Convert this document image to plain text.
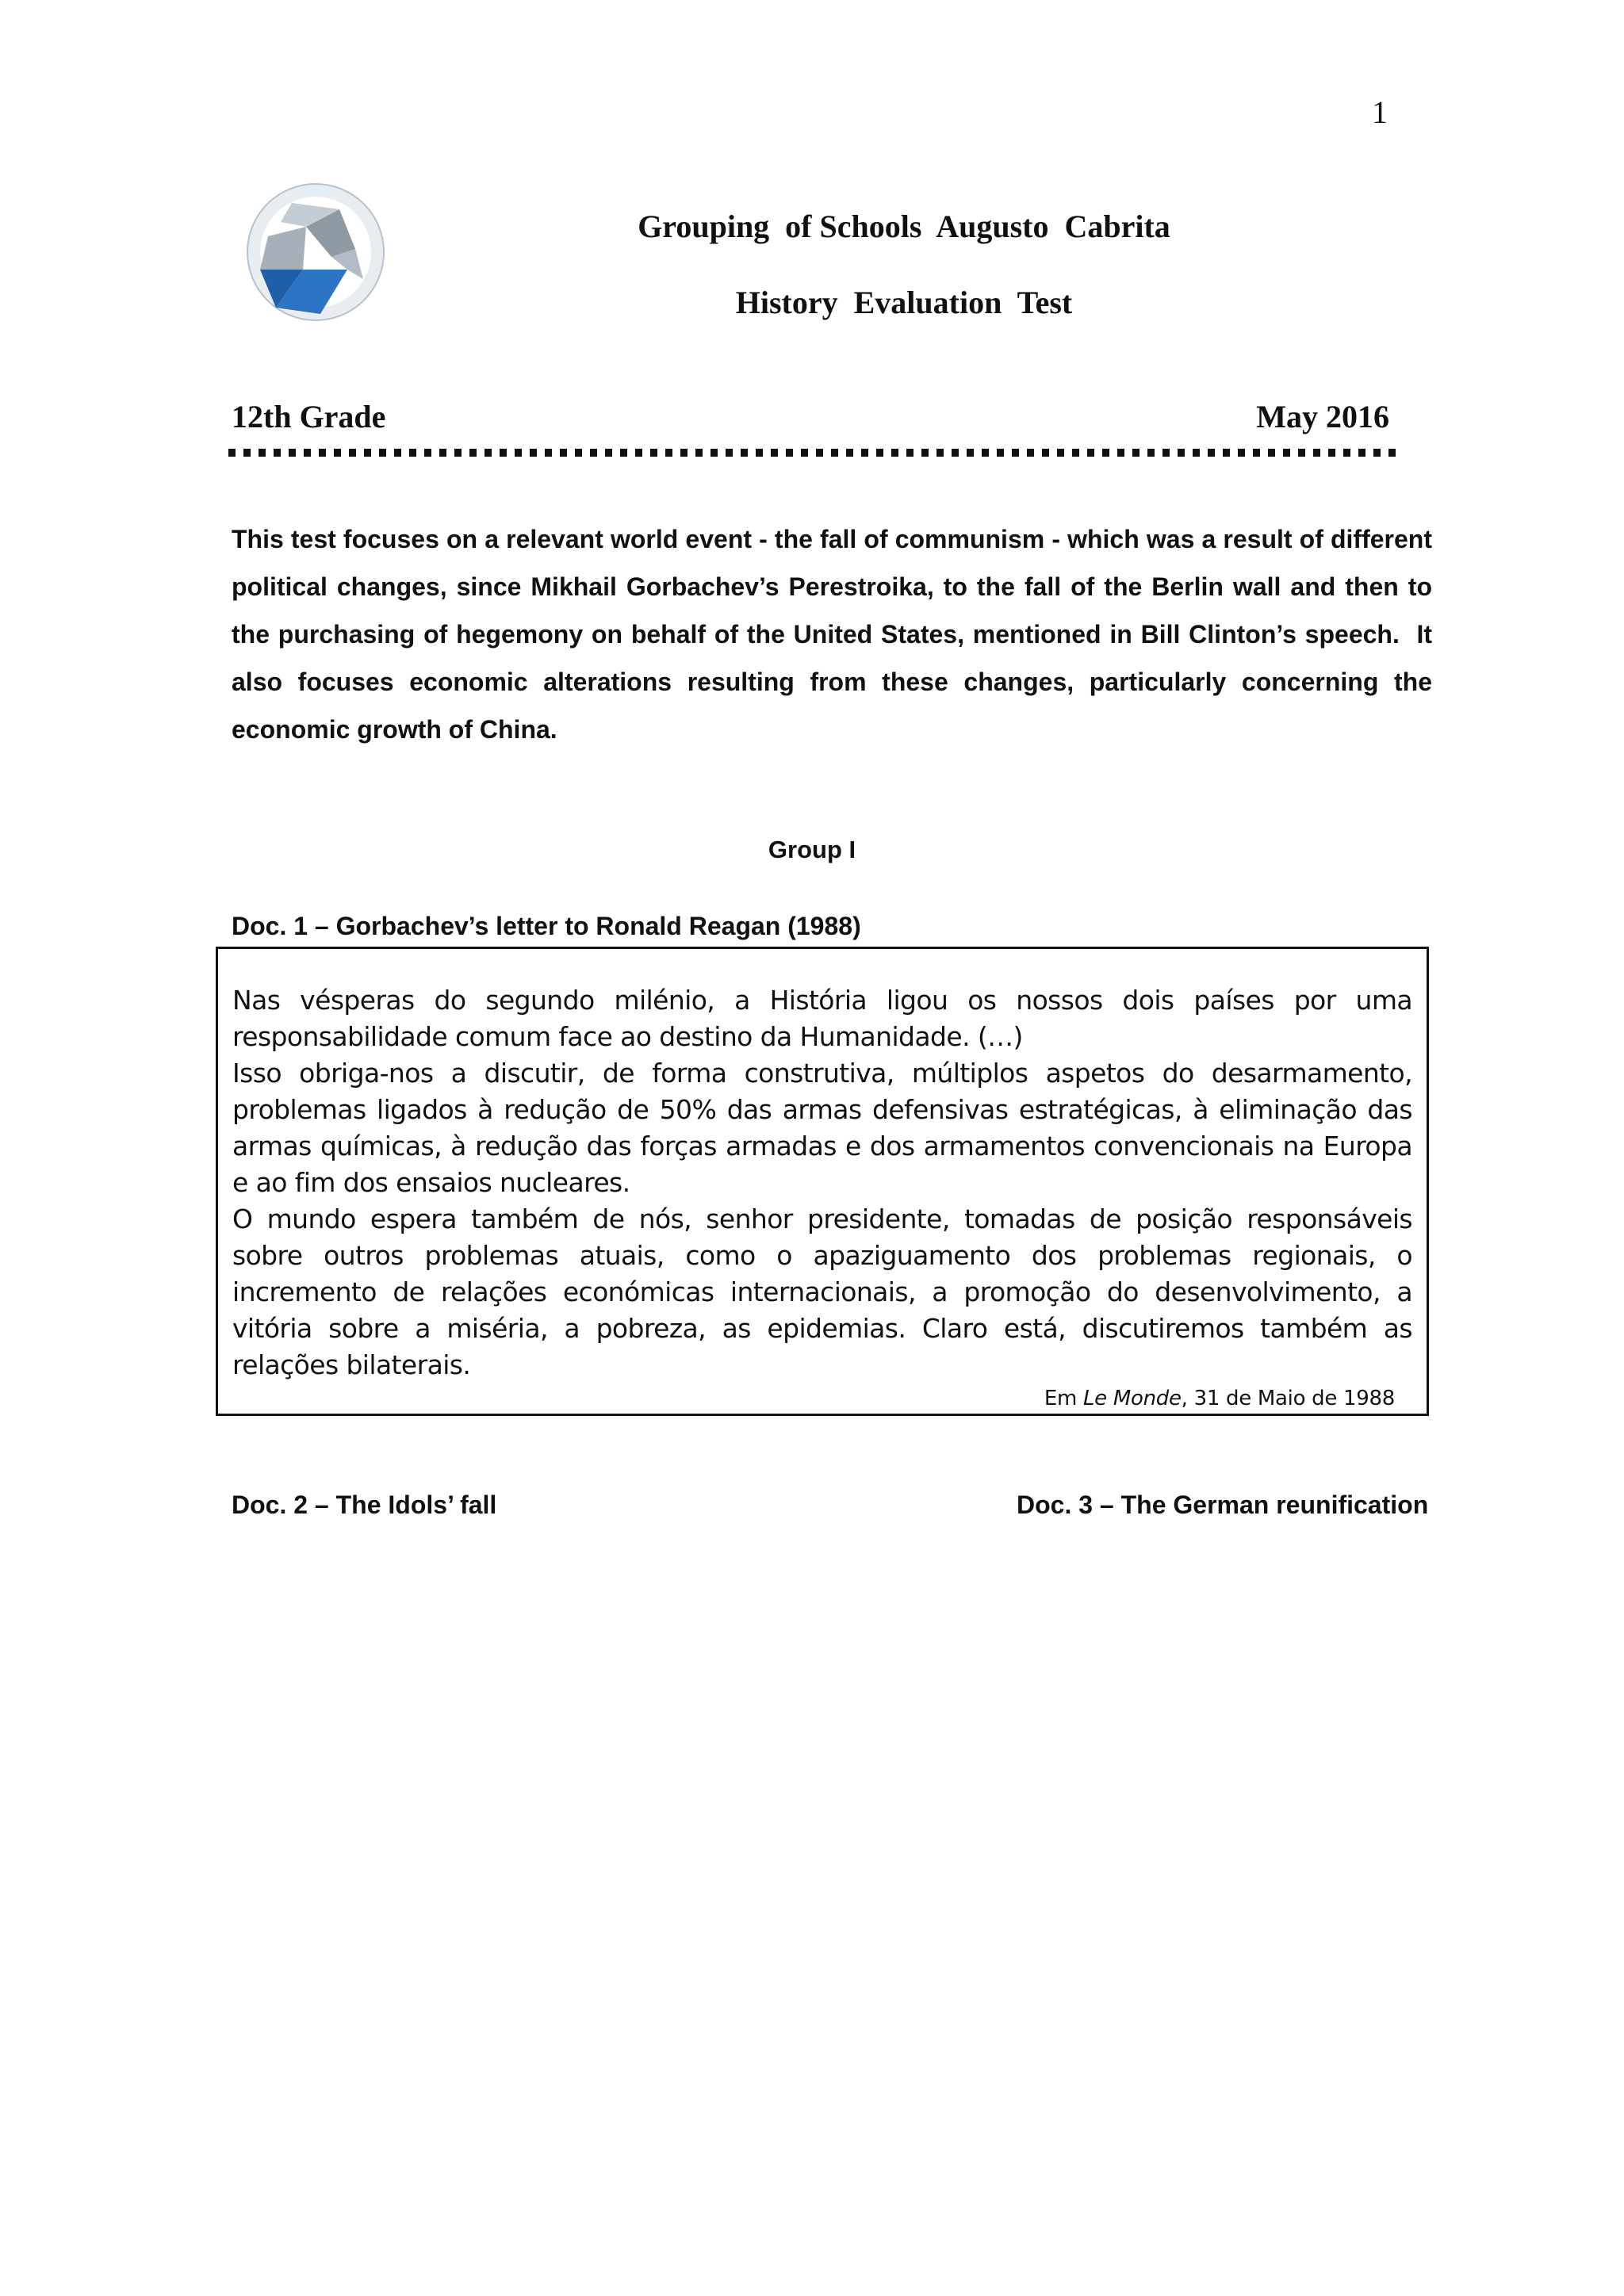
1
Grouping  of Schools  Augusto  Cabrita
History  Evaluation  Test
12th Grade	May 2016

This test focuses on a relevant world event - the fall of communism - which was a result of different political changes, since Mikhail Gorbachev’s Perestroika, to the fall of the Berlin wall and then to the purchasing of hegemony on behalf of the United States, mentioned in Bill Clinton’s speech.  It also focuses economic alterations resulting from these changes, particularly concerning the economic growth of China.

Group I
Doc. 1 – Gorbachev’s letter to Ronald Reagan (1988)

Nas vésperas do segundo milénio, a História ligou os nossos dois países por uma responsabilidade comum face ao destino da Humanidade. (…)

Isso obriga-nos a discutir, de forma construtiva, múltiplos aspetos do desarmamento, problemas ligados à redução de 50% das armas defensivas estratégicas, à eliminação das armas químicas, à redução das forças armadas e dos armamentos convencionais na Europa e ao fim dos ensaios nucleares.

O mundo espera também de nós, senhor presidente, tomadas de posição responsáveis sobre outros problemas atuais, como o apaziguamento dos problemas regionais, o incremento de relações económicas internacionais, a promoção do desenvolvimento, a vitória sobre a miséria, a pobreza, as epidemias. Claro está, discutiremos também as relações bilaterais.

Em Le Monde, 31 de Maio de 1988

Doc. 2 – The Idols’ fall	Doc. 3 – The German reunification
